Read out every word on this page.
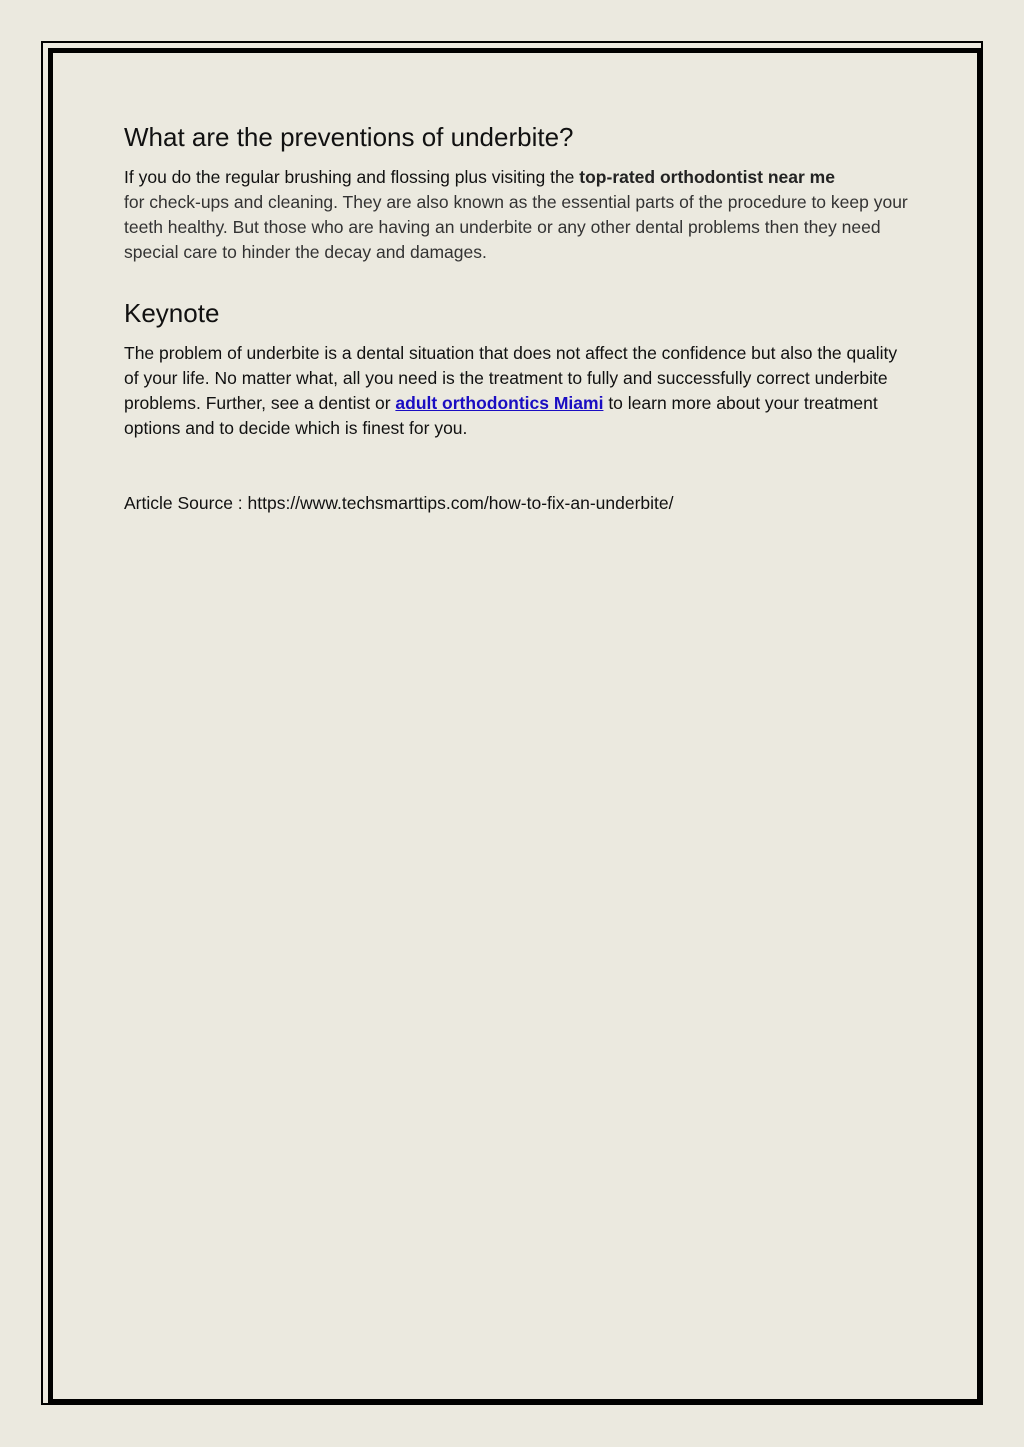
What are the preventions of underbite?

If you do the regular brushing and flossing plus visiting the top-rated orthodontist near me
for check-ups and cleaning. They are also known as the essential parts of the procedure to keep your teeth healthy. But those who are having an underbite or any other dental problems then they need special care to hinder the decay and damages.

Keynote

The problem of underbite is a dental situation that does not affect the confidence but also the quality of your life. No matter what, all you need is the treatment to fully and successfully correct underbite problems. Further, see a dentist or adult orthodontics Miami to learn more about your treatment options and to decide which is finest for you.

Article Source : https://www.techsmarttips.com/how-to-fix-an-underbite/
